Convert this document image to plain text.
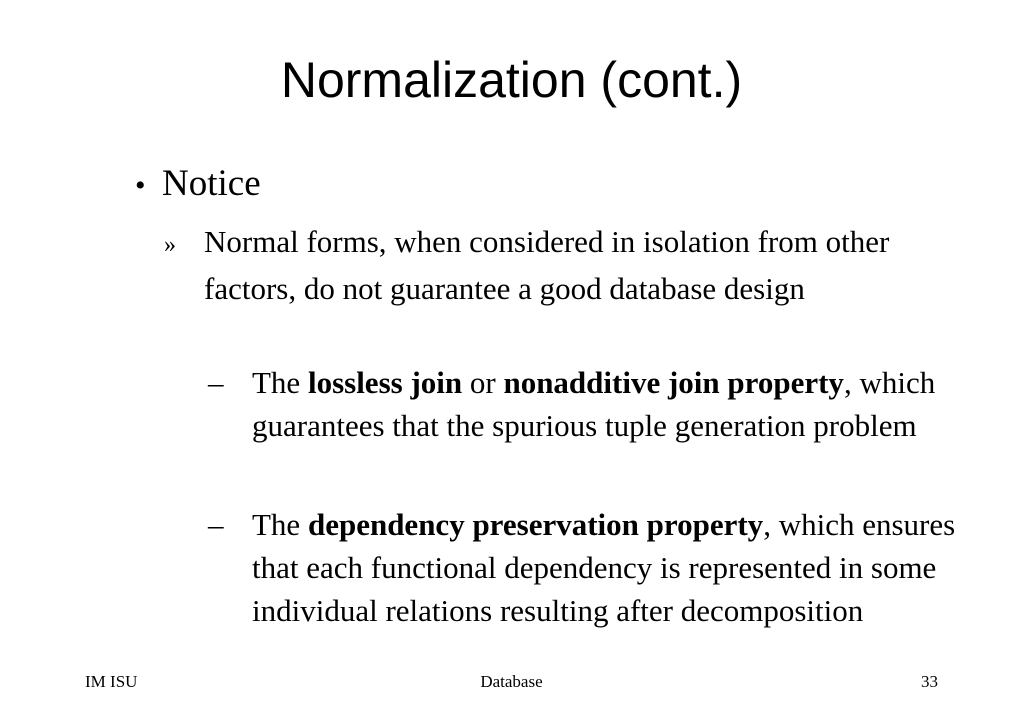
Normalization (cont.)
• Notice
» Normal forms, when considered in isolation from other factors, do not guarantee a good database design
– The lossless join or nonadditive join property, which guarantees that the spurious tuple generation problem
– The dependency preservation property, which ensures that each functional dependency is represented in some individual relations resulting after decomposition
IM ISU	Database	33
